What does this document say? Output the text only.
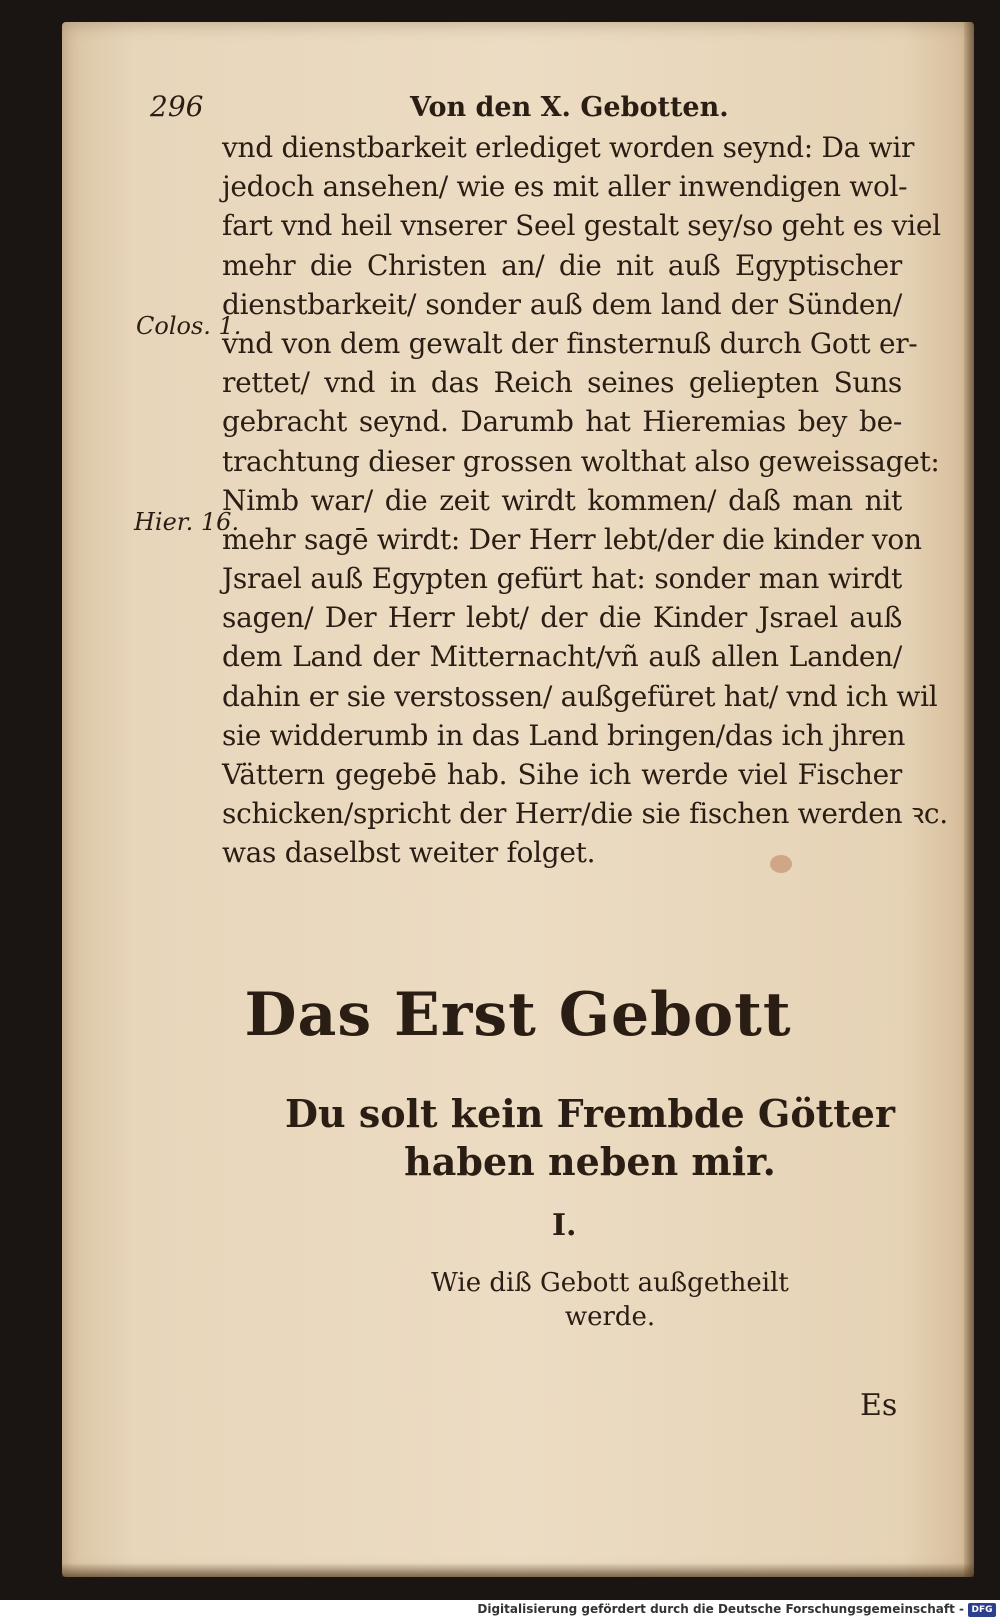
296	Von den X. Gebotten.
vnd dienstbarkeit erlediget worden seynd: Da wir
jedoch ansehen/ wie es mit aller inwendigen wol-
fart vnd heil vnserer Seel gestalt sey/so geht es viel
mehr die Christen an/ die nit auß Egyptischer
dienstbarkeit/ sonder auß dem land der Sünden/
vnd von dem gewalt der finsternuß durch Gott er-
rettet/ vnd in das Reich seines geliepten Suns
gebracht seynd. Darumb hat Hieremias bey be-
trachtung dieser grossen wolthat also geweissaget:
Nimb war/ die zeit wirdt kommen/ daß man nit
mehr sagē wirdt: Der Herr lebt/der die kinder von
Jsrael auß Egypten gefürt hat: sonder man wirdt
sagen/ Der Herr lebt/ der die Kinder Jsrael auß
dem Land der Mitternacht/vñ auß allen Landen/
dahin er sie verstossen/ außgefüret hat/ vnd ich wil
sie widderumb in das Land bringen/das ich jhren
Vättern gegebē hab. Sihe ich werde viel Fischer
schicken/spricht der Herr/die sie fischen werden ꝛc.
was daselbst weiter folget.
Colos. 1.
Hier. 16.
Das Erst Gebott
Du solt kein Frembde Götter haben neben mir.
I.
Wie diß Gebott außgetheilt
werde.
Es
Digitalisierung gefördert durch die Deutsche Forschungsgemeinschaft - DFG
